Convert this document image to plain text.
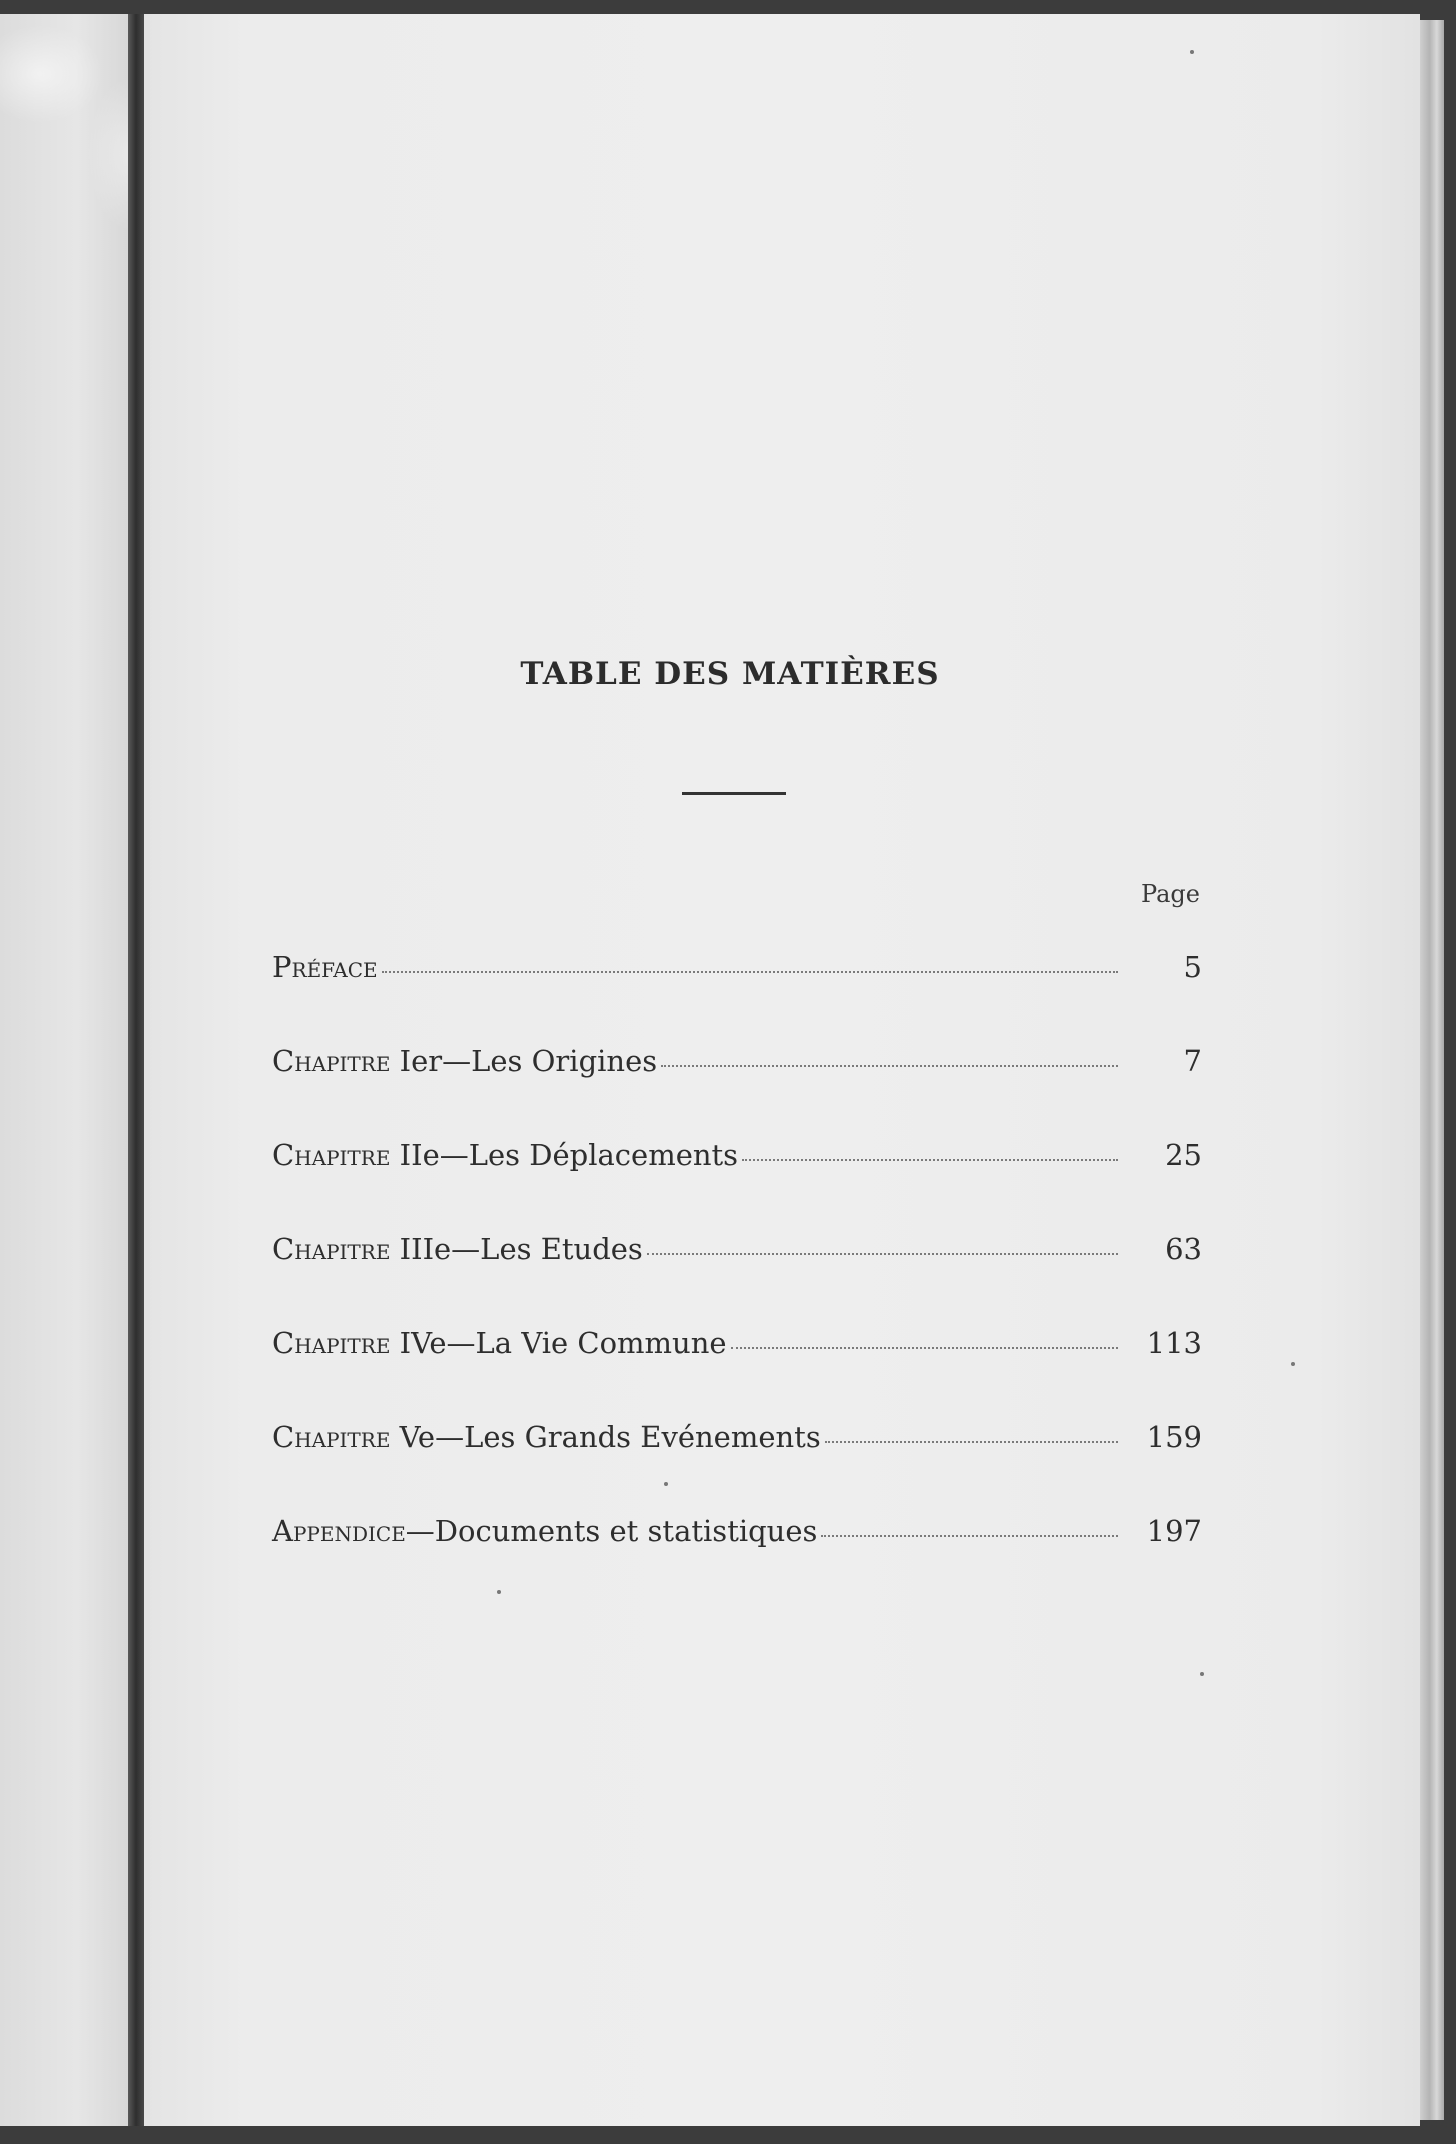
TABLE DES MATIÈRES
Page
Préface	5
Chapitre Ier—Les Origines	7
Chapitre IIe—Les Déplacements	25
Chapitre IIIe—Les Etudes	63
Chapitre IVe—La Vie Commune	113
Chapitre Ve—Les Grands Evénements	159
Appendice—Documents et statistiques	197
